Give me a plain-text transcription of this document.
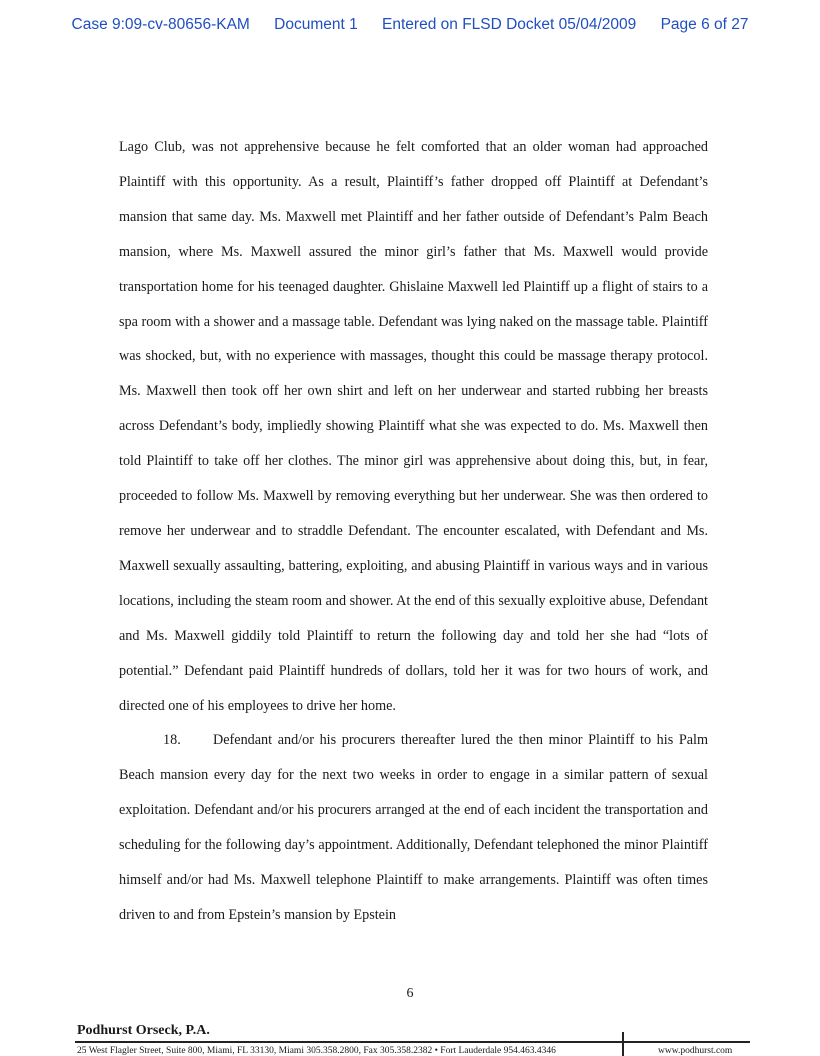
Case 9:09-cv-80656-KAM Document 1 Entered on FLSD Docket 05/04/2009 Page 6 of 27

Lago Club, was not apprehensive because he felt comforted that an older woman had approached Plaintiff with this opportunity. As a result, Plaintiff’s father dropped off Plaintiff at Defendant’s mansion that same day. Ms. Maxwell met Plaintiff and her father outside of Defendant’s Palm Beach mansion, where Ms. Maxwell assured the minor girl’s father that Ms. Maxwell would provide transportation home for his teenaged daughter. Ghislaine Maxwell led Plaintiff up a flight of stairs to a spa room with a shower and a massage table. Defendant was lying naked on the massage table. Plaintiff was shocked, but, with no experience with massages, thought this could be massage therapy protocol. Ms. Maxwell then took off her own shirt and left on her underwear and started rubbing her breasts across Defendant’s body, impliedly showing Plaintiff what she was expected to do. Ms. Maxwell then told Plaintiff to take off her clothes. The minor girl was apprehensive about doing this, but, in fear, proceeded to follow Ms. Maxwell by removing everything but her underwear. She was then ordered to remove her underwear and to straddle Defendant. The encounter escalated, with Defendant and Ms. Maxwell sexually assaulting, battering, exploiting, and abusing Plaintiff in various ways and in various locations, including the steam room and shower. At the end of this sexually exploitive abuse, Defendant and Ms. Maxwell giddily told Plaintiff to return the following day and told her she had “lots of potential.” Defendant paid Plaintiff hundreds of dollars, told her it was for two hours of work, and directed one of his employees to drive her home.

18. Defendant and/or his procurers thereafter lured the then minor Plaintiff to his Palm Beach mansion every day for the next two weeks in order to engage in a similar pattern of sexual exploitation. Defendant and/or his procurers arranged at the end of each incident the transportation and scheduling for the following day’s appointment. Additionally, Defendant telephoned the minor Plaintiff himself and/or had Ms. Maxwell telephone Plaintiff to make arrangements. Plaintiff was often times driven to and from Epstein’s mansion by Epstein

6
Podhurst Orseck, P.A.
25 West Flagler Street, Suite 800, Miami, FL 33130, Miami 305.358.2800, Fax 305.358.2382 • Fort Lauderdale 954.463.4346	www.podhurst.com
